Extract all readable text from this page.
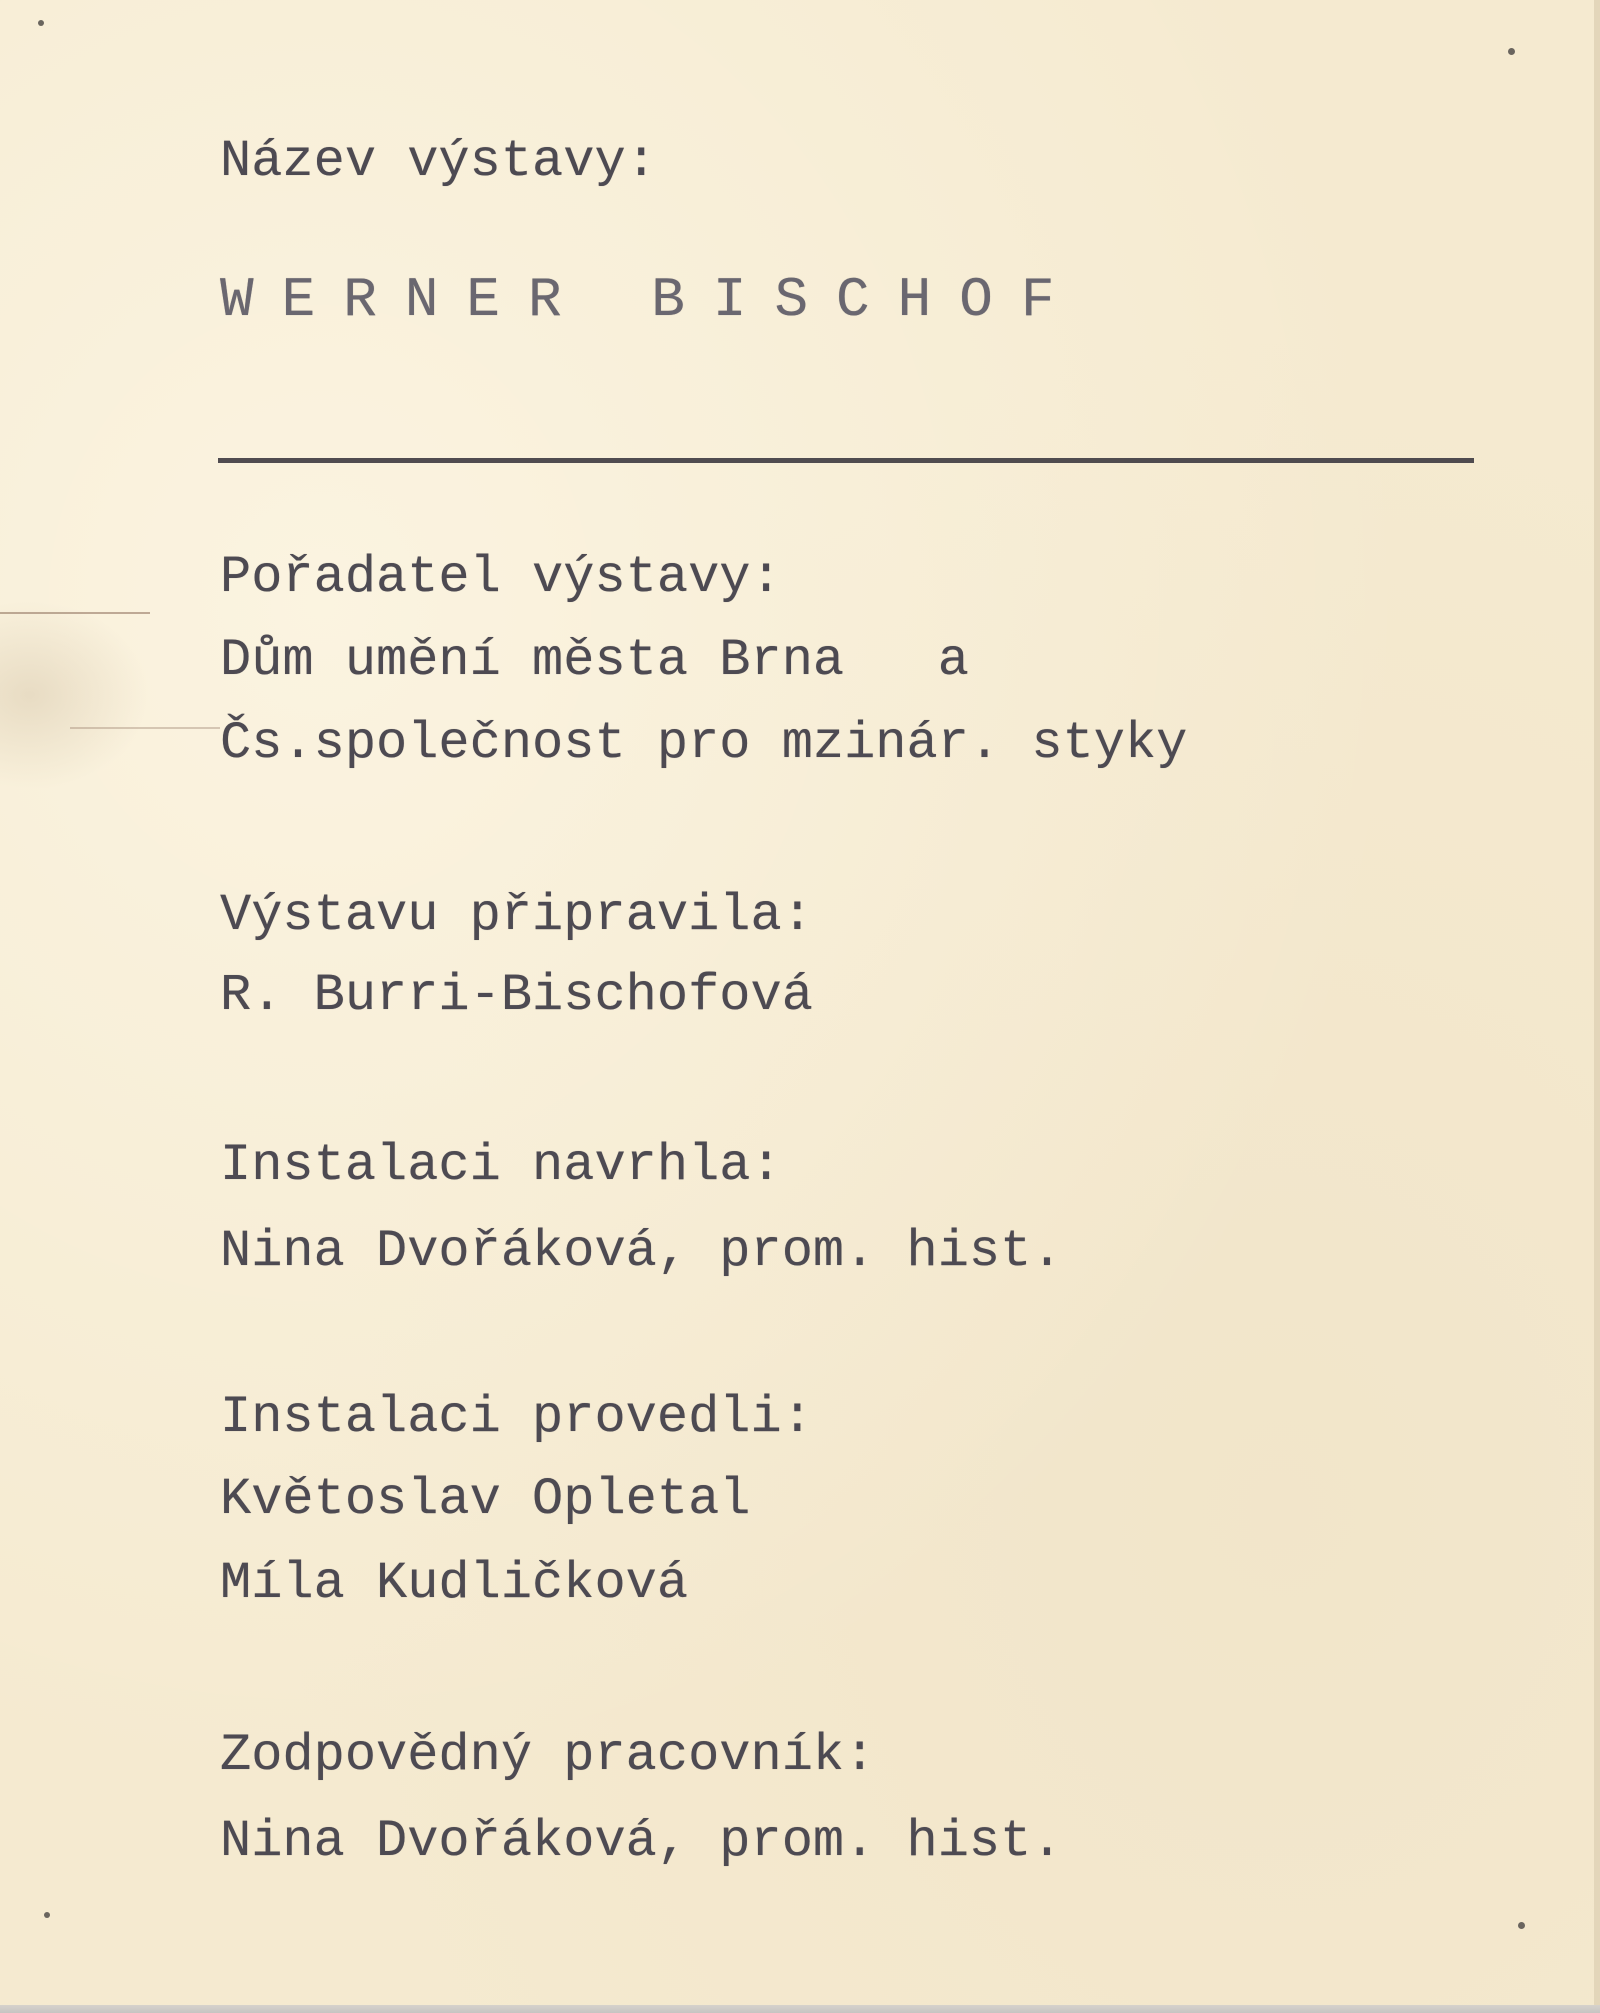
Název výstavy:
WERNER BISCHOF
Pořadatel výstavy:
Dům umění města Brna   a
Čs.společnost pro mzinár. styky
Výstavu připravila:
R. Burri-Bischofová
Instalaci navrhla:
Nina Dvořáková, prom. hist.
Instalaci provedli:
Květoslav Opletal
Míla Kudličková
Zodpovědný pracovník:
Nina Dvořáková, prom. hist.
